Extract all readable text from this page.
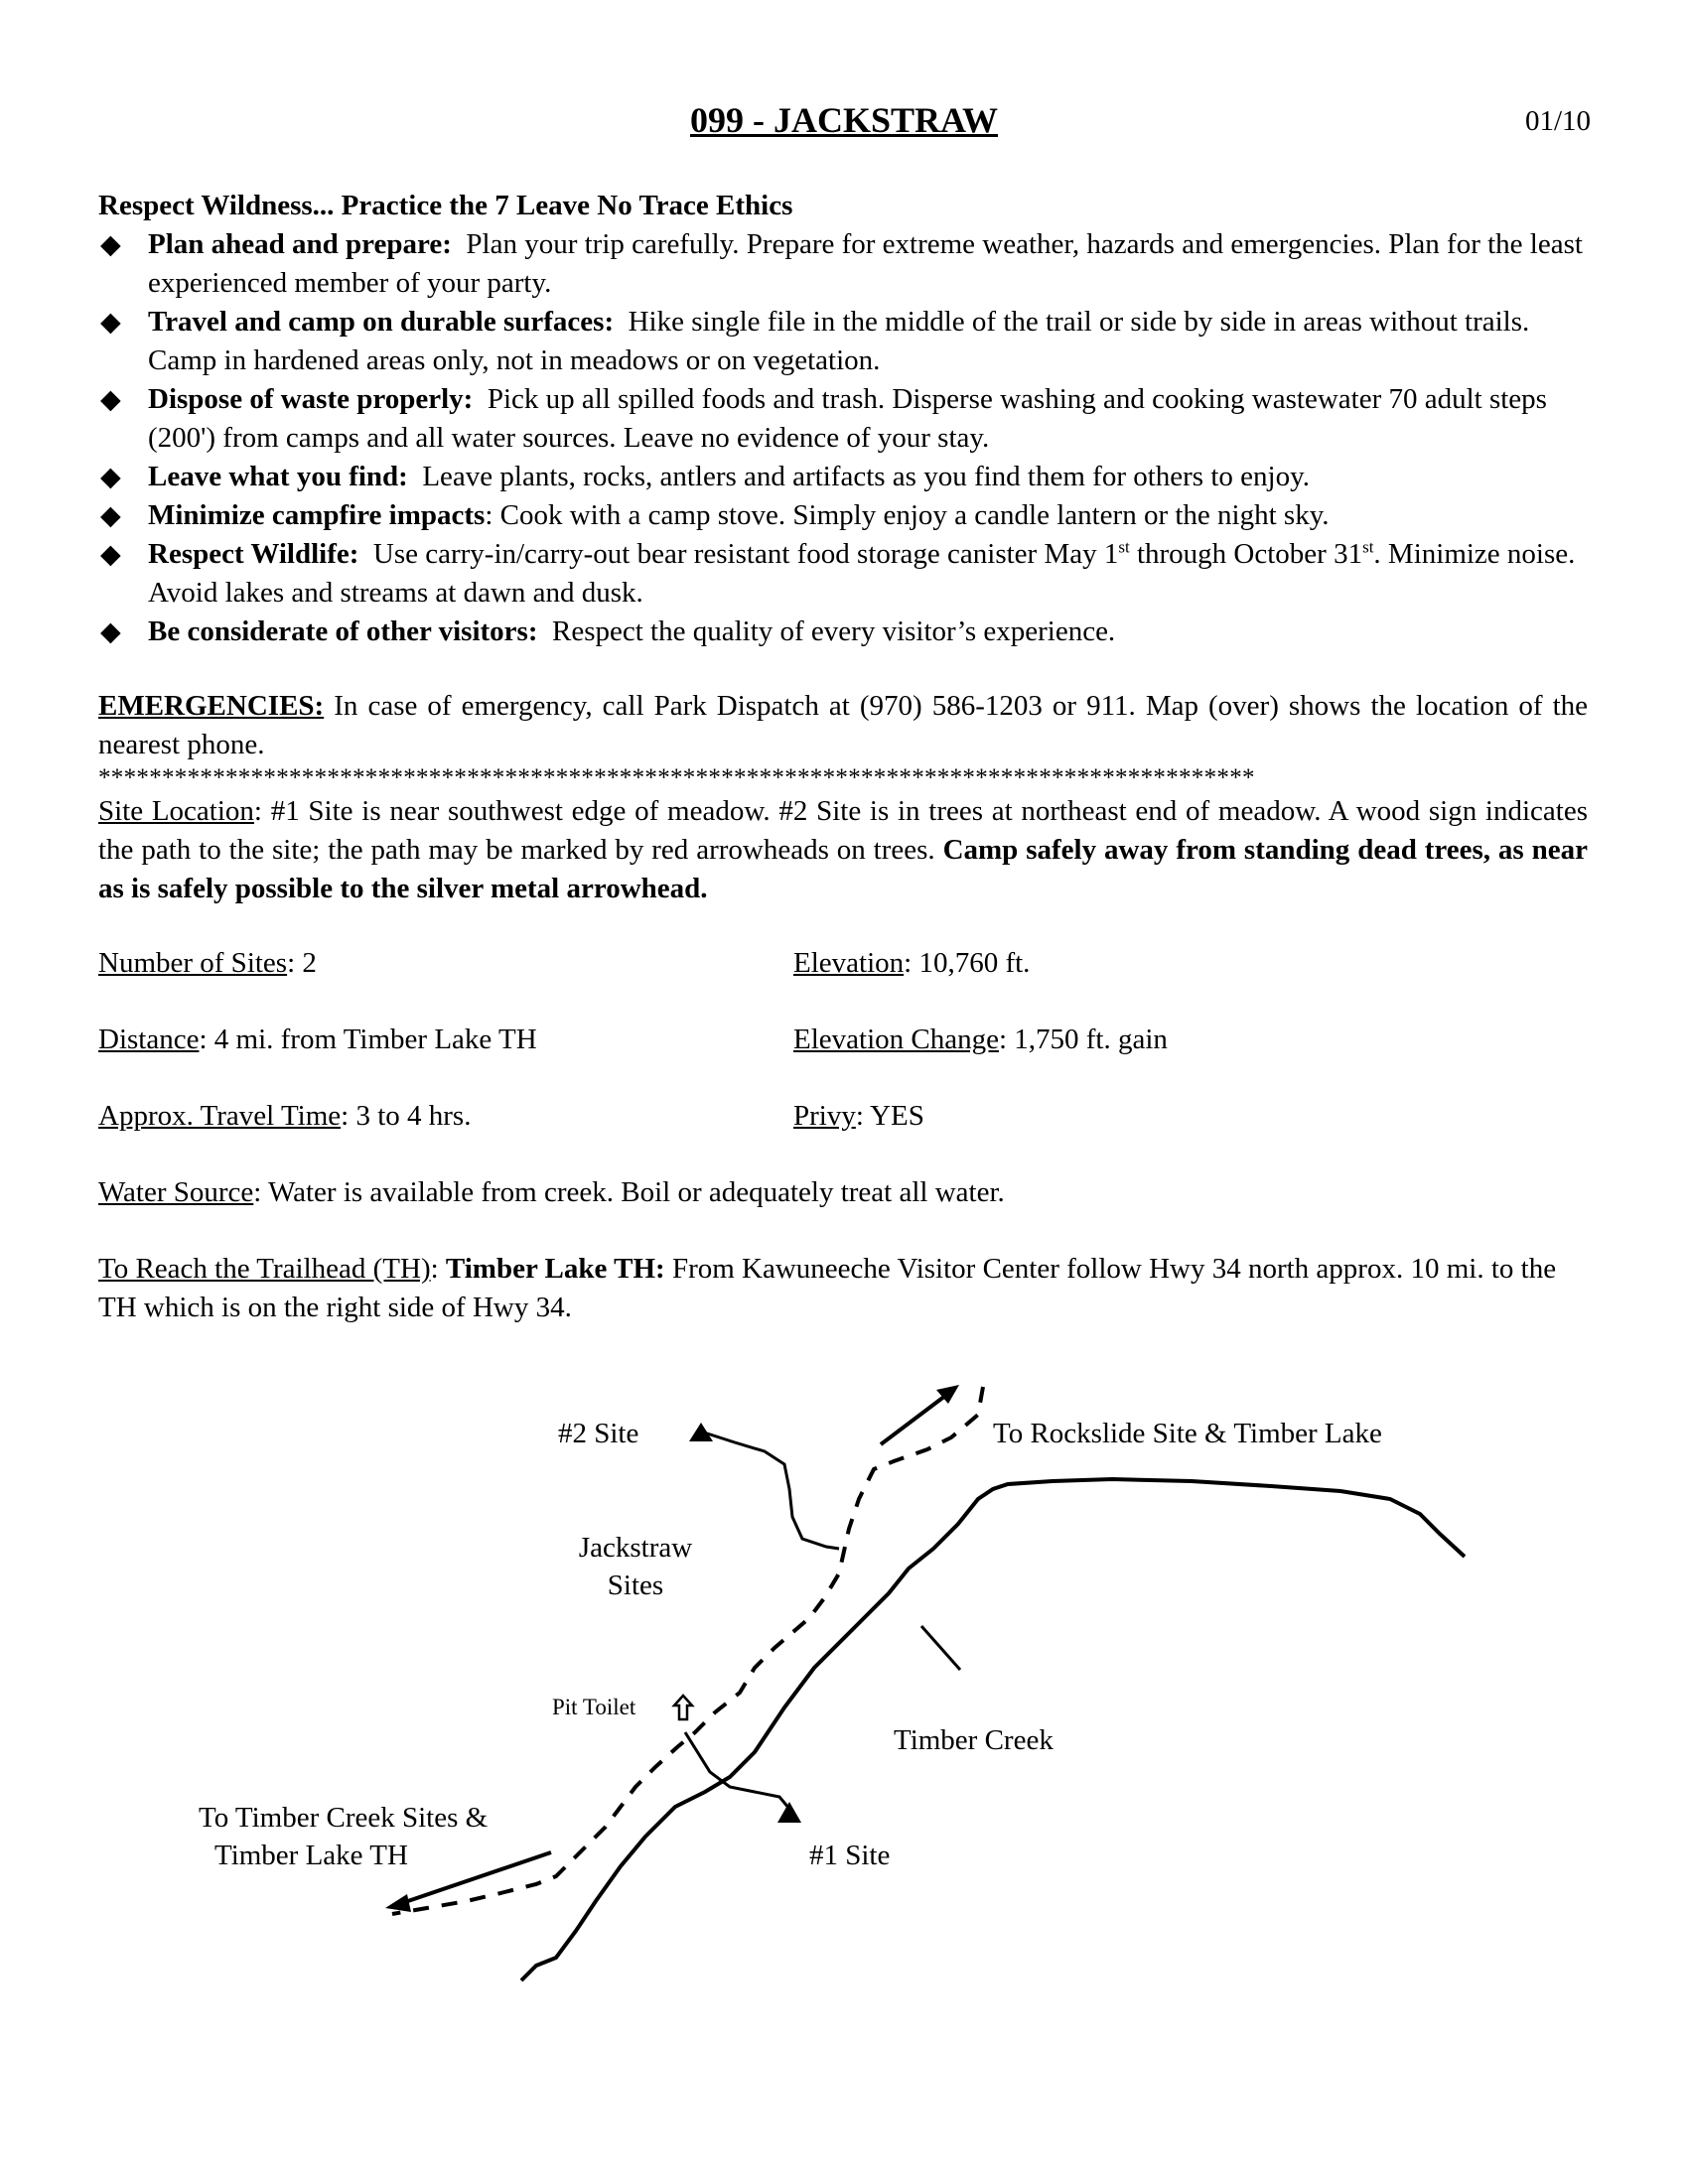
099 - JACKSTRAW	01/10
Respect Wildness... Practice the 7 Leave No Trace Ethics
◆ Plan ahead and prepare: Plan your trip carefully. Prepare for extreme weather, hazards and emergencies. Plan for the least experienced member of your party.
◆ Travel and camp on durable surfaces: Hike single file in the middle of the trail or side by side in areas without trails. Camp in hardened areas only, not in meadows or on vegetation.
◆ Dispose of waste properly: Pick up all spilled foods and trash. Disperse washing and cooking wastewater 70 adult steps (200') from camps and all water sources. Leave no evidence of your stay.
◆ Leave what you find: Leave plants, rocks, antlers and artifacts as you find them for others to enjoy.
◆ Minimize campfire impacts: Cook with a camp stove. Simply enjoy a candle lantern or the night sky.
◆ Respect Wildlife: Use carry-in/carry-out bear resistant food storage canister May 1st through October 31st. Minimize noise. Avoid lakes and streams at dawn and dusk.
◆ Be considerate of other visitors: Respect the quality of every visitor’s experience.
EMERGENCIES: In case of emergency, call Park Dispatch at (970) 586-1203 or 911. Map (over) shows the location of the nearest phone.
*******************************************************************************************
Site Location: #1 Site is near southwest edge of meadow. #2 Site is in trees at northeast end of meadow. A wood sign indicates the path to the site; the path may be marked by red arrowheads on trees. Camp safely away from standing dead trees, as near as is safely possible to the silver metal arrowhead.
Number of Sites: 2	Elevation: 10,760 ft.
Distance: 4 mi. from Timber Lake TH	Elevation Change: 1,750 ft. gain
Approx. Travel Time: 3 to 4 hrs.	Privy: YES
Water Source: Water is available from creek. Boil or adequately treat all water.
To Reach the Trailhead (TH): Timber Lake TH: From Kawuneeche Visitor Center follow Hwy 34 north approx. 10 mi. to the TH which is on the right side of Hwy 34.
#2 Site	To Rockslide Site & Timber Lake
Jackstraw
Sites
Pit Toilet
Timber Creek
To Timber Creek Sites &
Timber Lake TH	#1 Site
